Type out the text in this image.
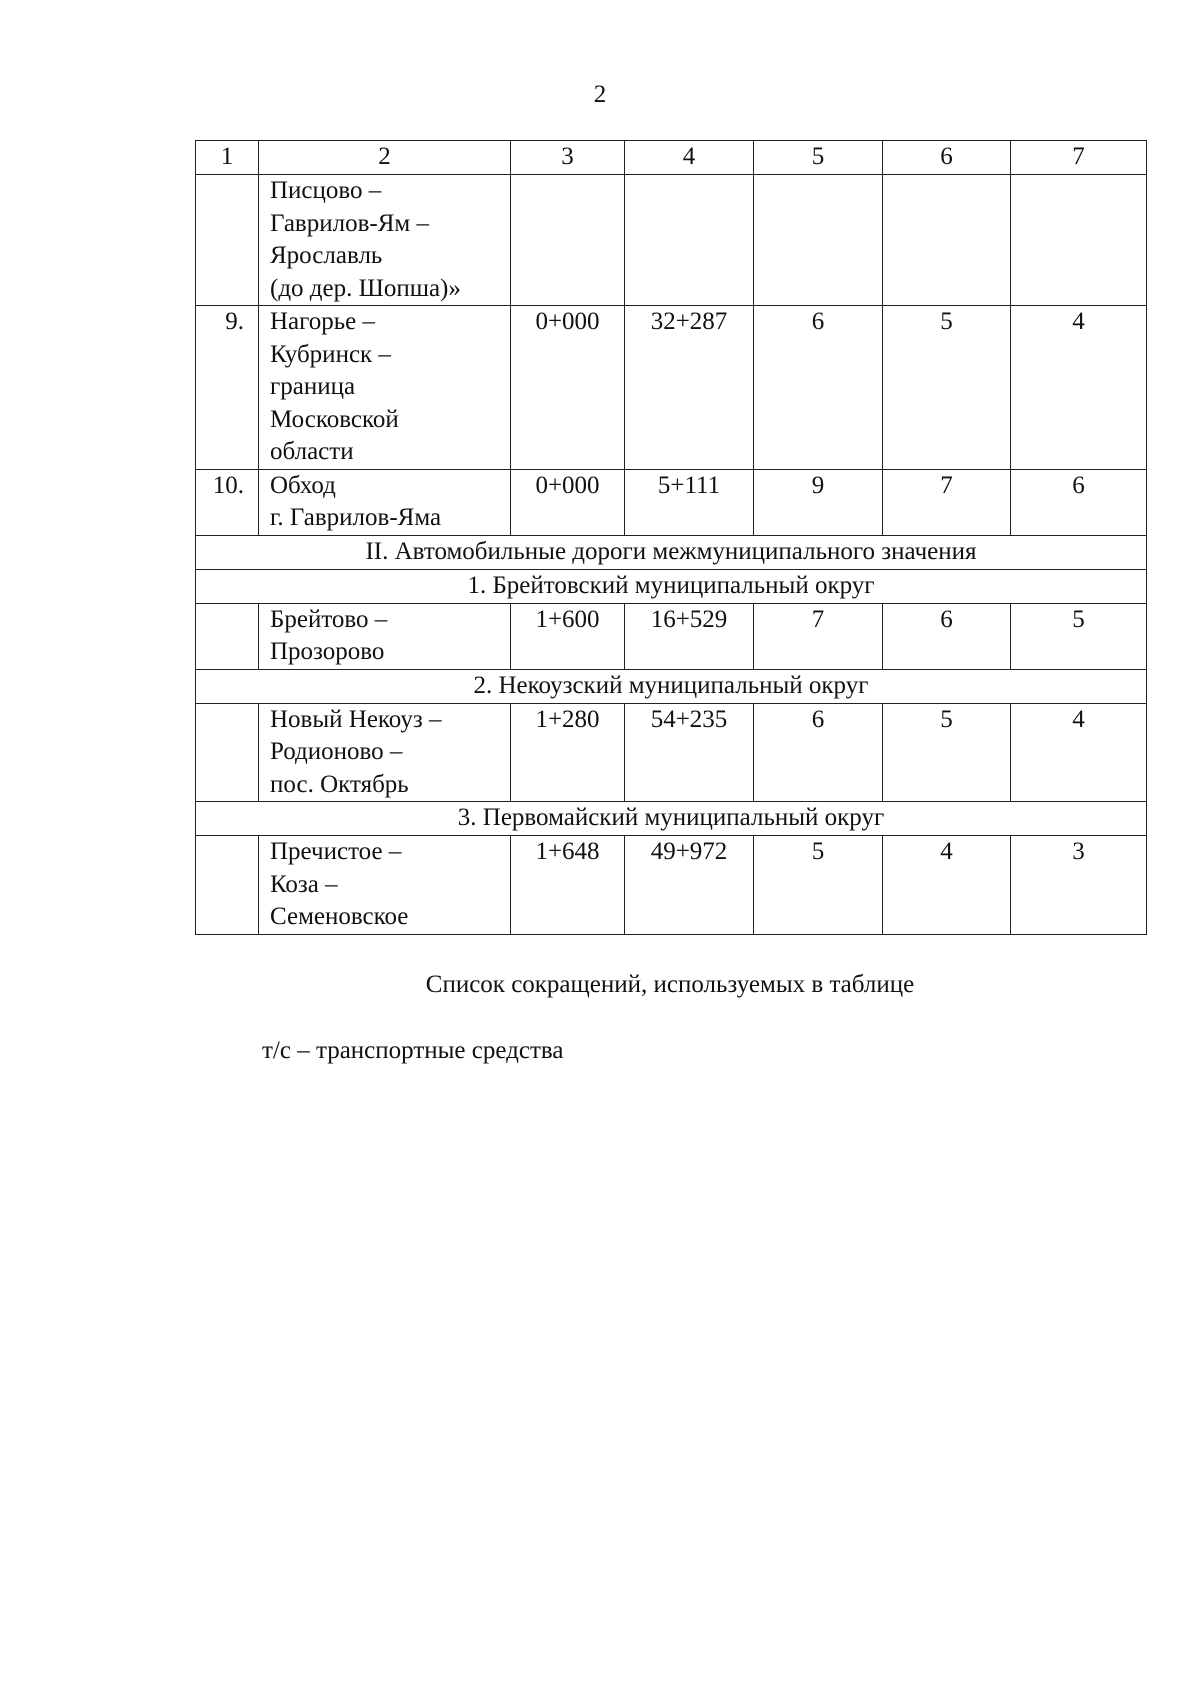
2
1	2	3	4	5	6	7

	Писцово –
Гаврилов-Ям –
Ярославль
(до дер. Шопша)»					

9.	Нагорье –
Кубринск –
граница
Московской
области	0+000	32+287	6	5	4
10.	Обход
г. Гаврилов-Яма	0+000	5+111	9	7	6
II. Автомобильные дороги межмуниципального значения						
1. Брейтовский муниципальный округ						

	Брейтово –
Прозорово	1+600	16+529	7	6	5
2. Некоузский муниципальный округ						

	Новый Некоуз –
Родионово –
пос. Октябрь	1+280	54+235	6	5	4
3. Первомайский муниципальный округ						

	Пречистое –
Коза –
Семеновское	1+648	49+972	5	4	3
Список сокращений, используемых в таблице
т/с – транспортные средства
